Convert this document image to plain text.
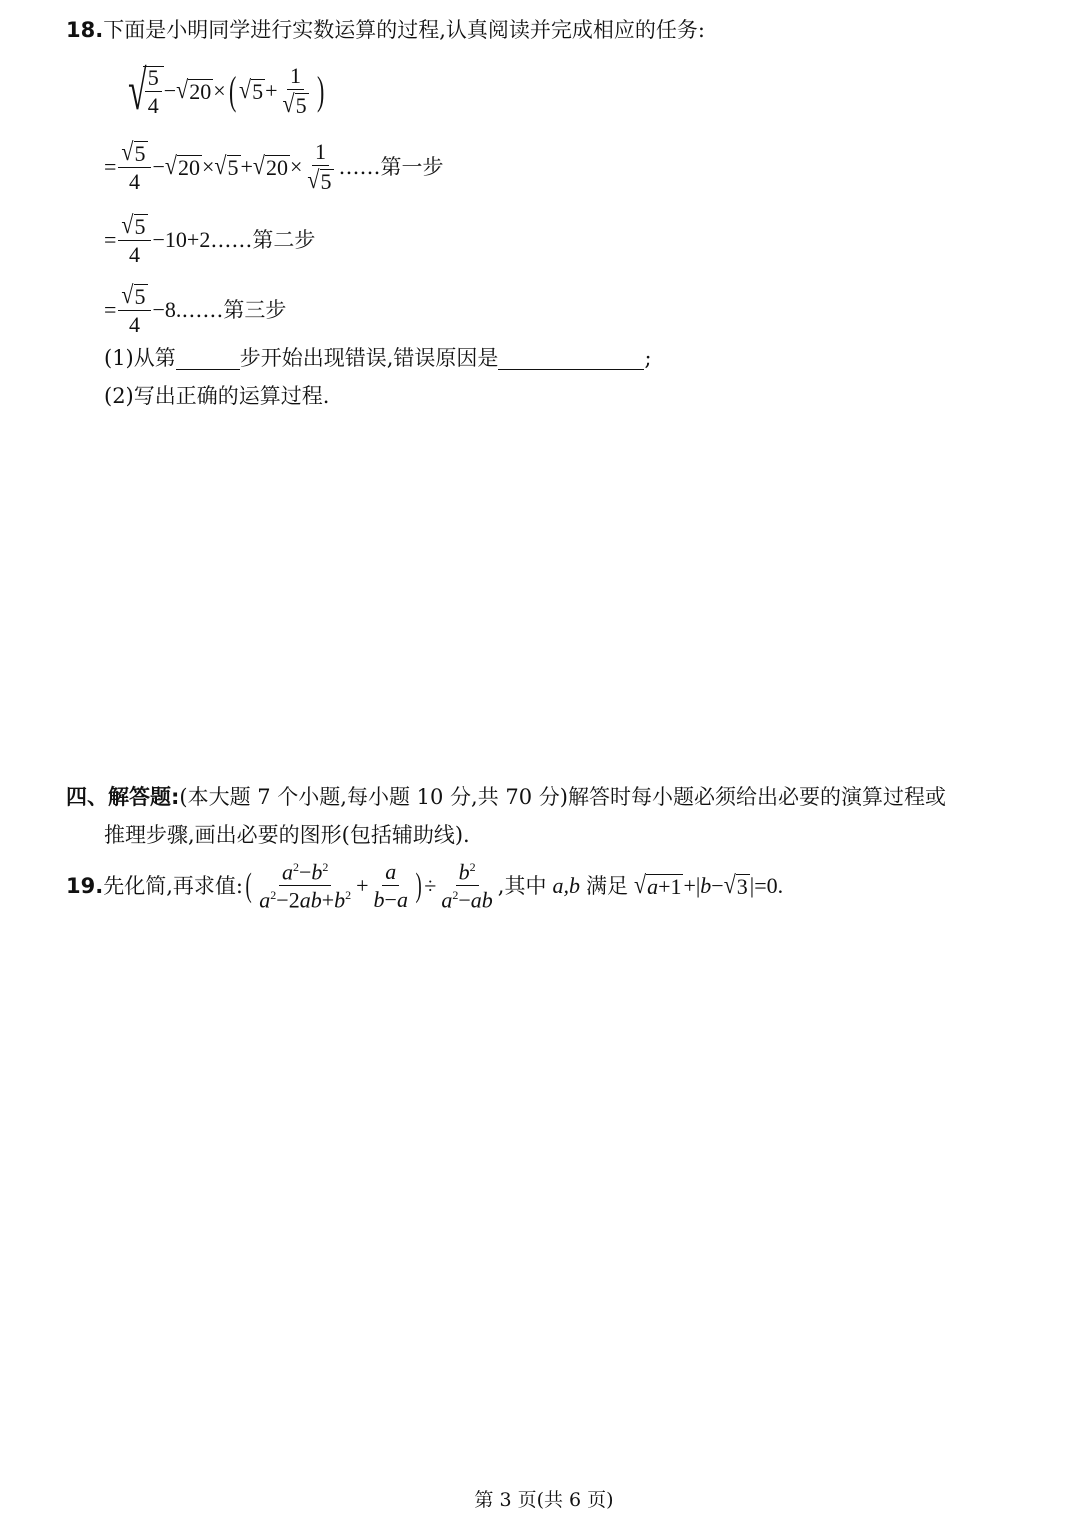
18.下面是小明同学进行实数运算的过程,认真阅读并完成相应的任务:
√
$\frac{5}{4}$ − √ 20 × ( √ $5 + \frac{1}{√ 5}$ )
= $\frac{√ 5}{4}$ − √ 20 × √ 5 + √ $20 \times \frac{1}{√ 5}$ ……第一步
= $\frac{√ 5}{4} -10+2$ ……第二步
= $\frac{√ 5}{4} -8$. ……第三步
(1)从第	步开始出现错误,错误原因是	;
(2)写出正确的运算过程.
四、解答题:(本大题 7 个小题,每小题 10 分,共 70 分)解答时每小题必须给出必要的演算过程或
推理步骤,画出必要的图形(包括辅助线).
19. 先化简,再求值: ( $\frac{a^2-b^2}{a^2-2ab+b^2} + \frac{a}{b-a}$ ) ÷ $\frac{b^2}{a^2-ab}$ ,其中 a,b 满足 √ a+1 +| b − √ 3 |=0.
第 3 页(共 6 页)
